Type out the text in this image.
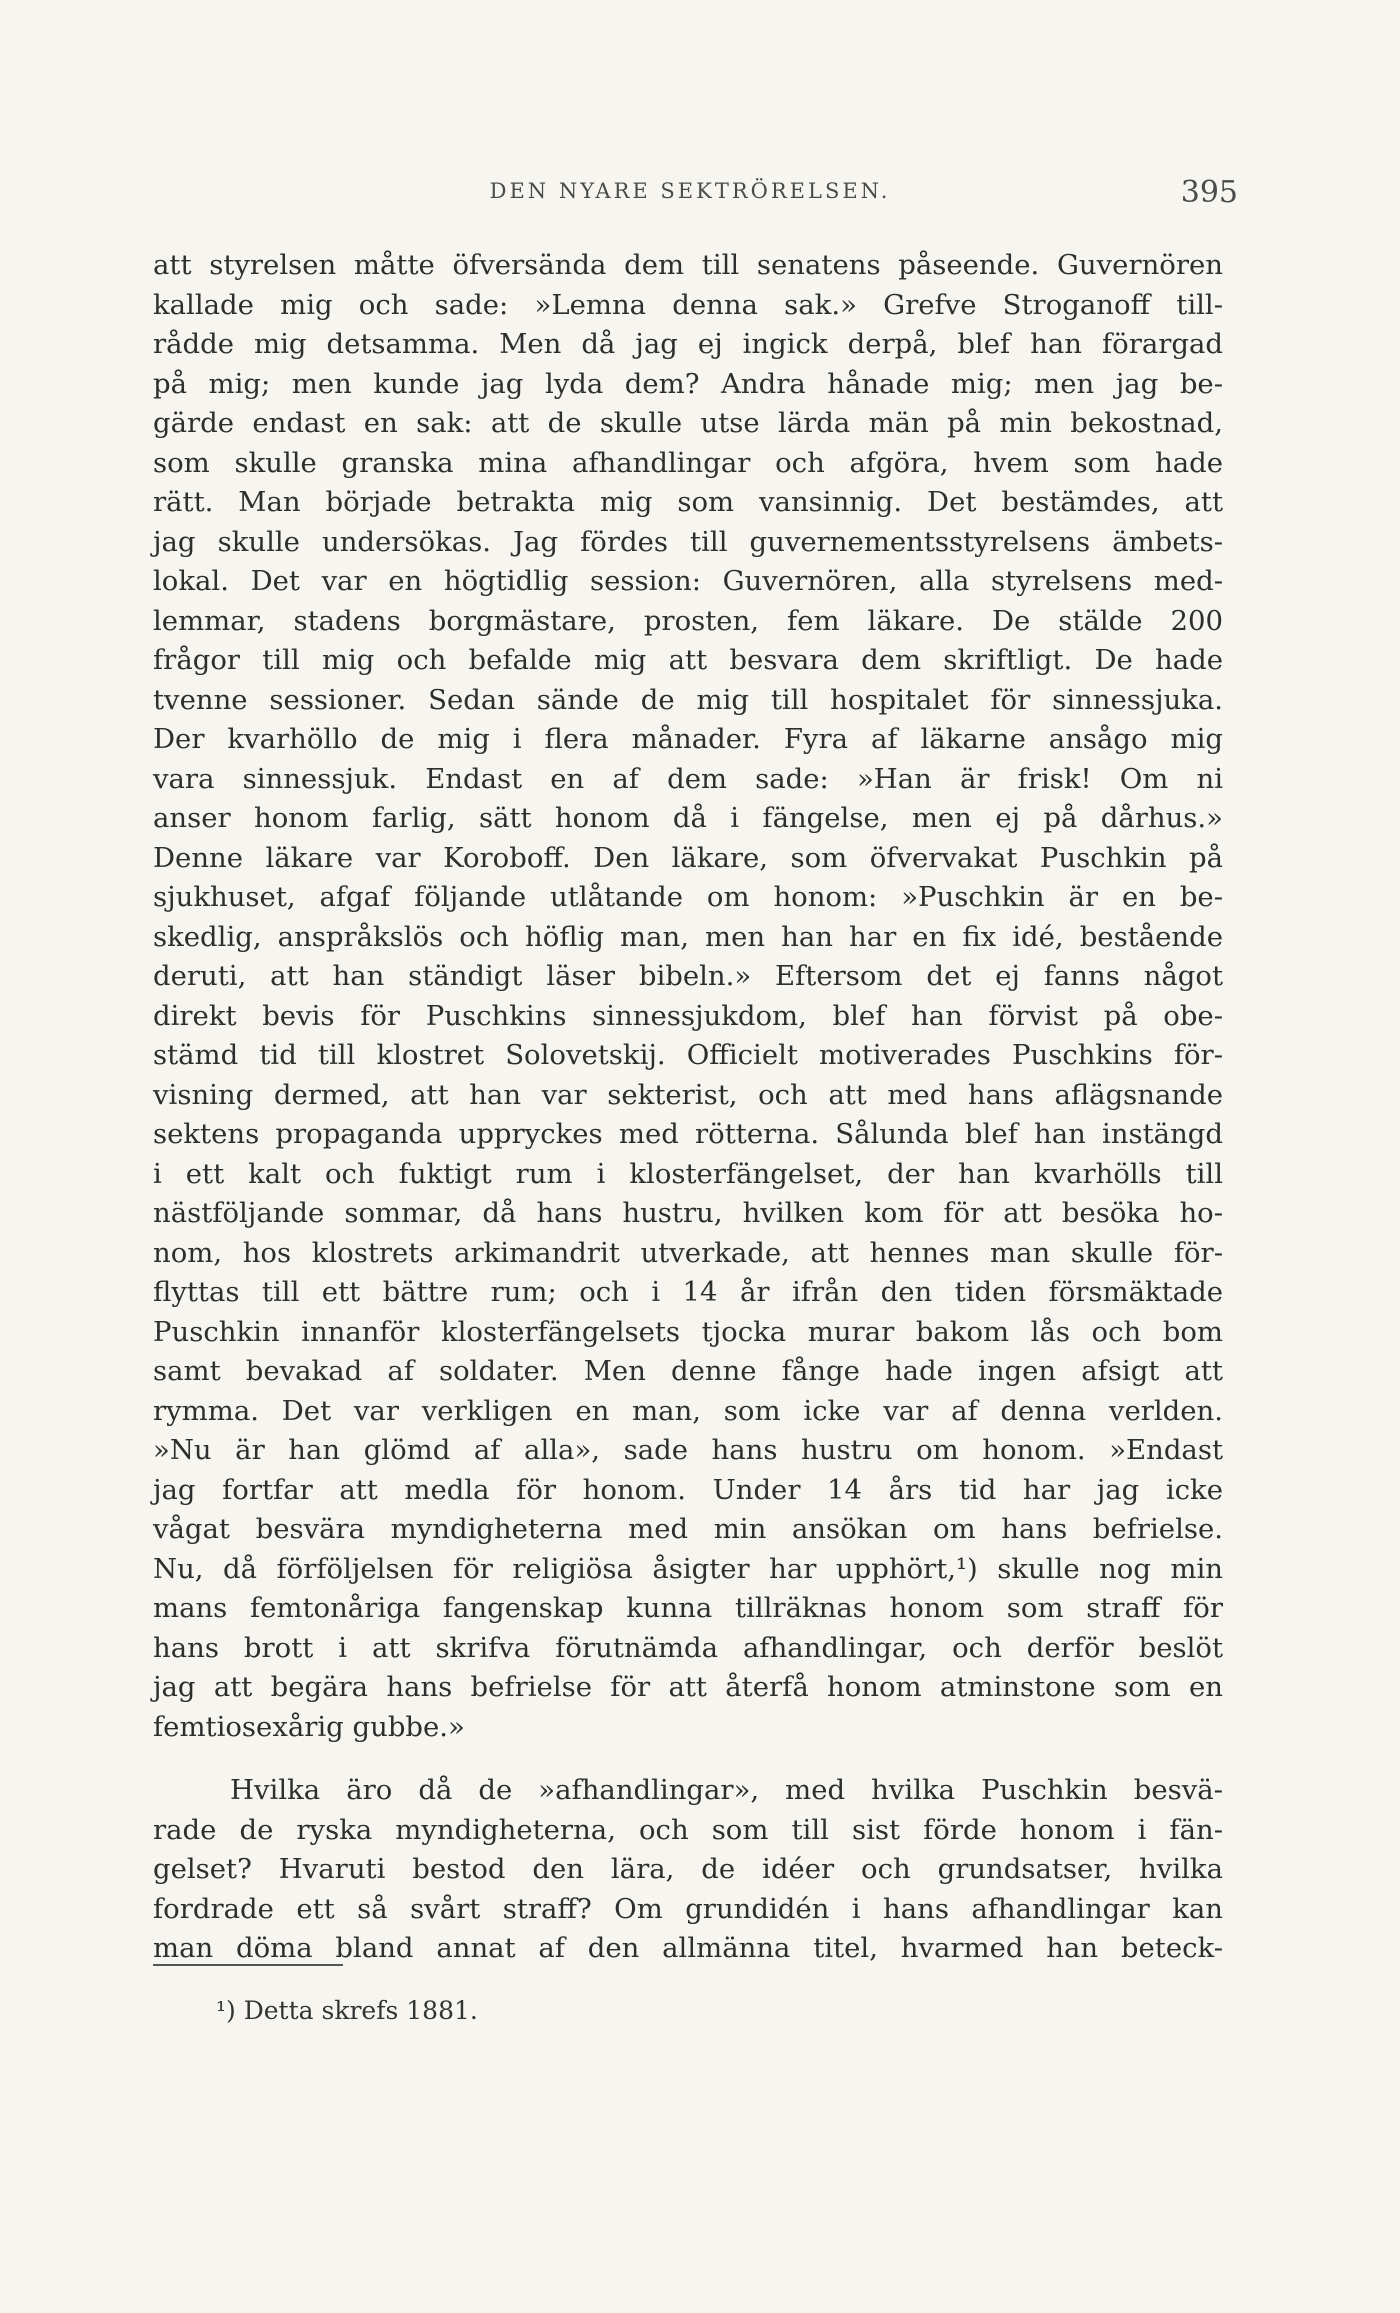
DEN NYARE SEKTRÖRELSEN.	395
att styrelsen måtte öfversända dem till senatens påseende. Guvernören
kallade mig och sade: »Lemna denna sak.» Grefve Stroganoff till-
rådde mig detsamma. Men då jag ej ingick derpå, blef han förargad
på mig; men kunde jag lyda dem? Andra hånade mig; men jag be-
gärde endast en sak: att de skulle utse lärda män på min bekostnad,
som skulle granska mina afhandlingar och afgöra, hvem som hade
rätt. Man började betrakta mig som vansinnig. Det bestämdes, att
jag skulle undersökas. Jag fördes till guvernementsstyrelsens ämbets-
lokal. Det var en högtidlig session: Guvernören, alla styrelsens med-
lemmar, stadens borgmästare, prosten, fem läkare. De stälde 200
frågor till mig och befalde mig att besvara dem skriftligt. De hade
tvenne sessioner. Sedan sände de mig till hospitalet för sinnessjuka.
Der kvarhöllo de mig i flera månader. Fyra af läkarne ansågo mig
vara sinnessjuk. Endast en af dem sade: »Han är frisk! Om ni
anser honom farlig, sätt honom då i fängelse, men ej på dårhus.»
Denne läkare var Koroboff. Den läkare, som öfvervakat Puschkin på
sjukhuset, afgaf följande utlåtande om honom: »Puschkin är en be-
skedlig, anspråkslös och höflig man, men han har en fix idé, bestående
deruti, att han ständigt läser bibeln.» Eftersom det ej fanns något
direkt bevis för Puschkins sinnessjukdom, blef han förvist på obe-
stämd tid till klostret Solovetskij. Officielt motiverades Puschkins för-
visning dermed, att han var sekterist, och att med hans aflägsnande
sektens propaganda uppryckes med rötterna. Sålunda blef han instängd
i ett kalt och fuktigt rum i klosterfängelset, der han kvarhölls till
nästföljande sommar, då hans hustru, hvilken kom för att besöka ho-
nom, hos klostrets arkimandrit utverkade, att hennes man skulle för-
flyttas till ett bättre rum; och i 14 år ifrån den tiden försmäktade
Puschkin innanför klosterfängelsets tjocka murar bakom lås och bom
samt bevakad af soldater. Men denne fånge hade ingen afsigt att
rymma. Det var verkligen en man, som icke var af denna verlden.
»Nu är han glömd af alla», sade hans hustru om honom. »Endast
jag fortfar att medla för honom. Under 14 års tid har jag icke
vågat besvära myndigheterna med min ansökan om hans befrielse.
Nu, då förföljelsen för religiösa åsigter har upphört,¹) skulle nog min
mans femtonåriga fangenskap kunna tillräknas honom som straff för
hans brott i att skrifva förutnämda afhandlingar, och derför beslöt
jag att begära hans befrielse för att återfå honom atminstone som en
femtiosexårig gubbe.»
Hvilka äro då de »afhandlingar», med hvilka Puschkin besvä-
rade de ryska myndigheterna, och som till sist förde honom i fän-
gelset? Hvaruti bestod den lära, de idéer och grundsatser, hvilka
fordrade ett så svårt straff? Om grundidén i hans afhandlingar kan
man döma bland annat af den allmänna titel, hvarmed han beteck-
¹) Detta skrefs 1881.
